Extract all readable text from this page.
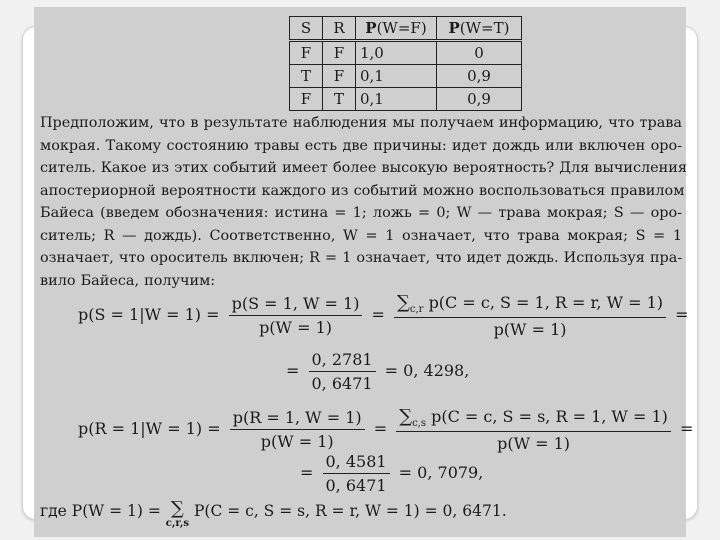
S	R	P(W=F)	P(W=T)
F	F	1,0	0
T	F	0,1	0,9
F	T	0,1	0,9
Предположим, что в результате наблюдения мы получаем информацию, что трава
мокрая. Такому состоянию травы есть две причины: идет дождь или включен оро-
ситель. Какое из этих событий имеет более высокую вероятность? Для вычисления
апостериорной вероятности каждого из событий можно воспользоваться правилом
Байеса (введем обозначения: истина = 1; ложь = 0; W — трава мокрая; S — оро-
ситель; R — дождь). Соответственно, W = 1 означает, что трава мокрая; S = 1
означает, что ороситель включен; R = 1 означает, что идет дождь. Используя пра-
вило Байеса, получим:
$p(S = 1|W = 1) = \frac{p(S = 1, W = 1)}{p(W = 1)} = \frac{\sum_{c,r} p(C = c, S = 1, R = r, W = 1)}{p(W = 1)}$ =
= $\frac{0, 2781}{0, 6471} = 0$, 4298,
$p(R = 1|W = 1) = \frac{p(R = 1, W = 1)}{p(W = 1)} = \frac{\sum_{c,s} p(C = c, S = s, R = 1, W = 1)}{p(W = 1)}$ =
= $\frac{0, 4581}{0, 6471} = 0$, 7079,
где P(W = 1) = ∑
c,r,s
P(C = c, S = s, R = r, W = 1) = 0, 6471.
